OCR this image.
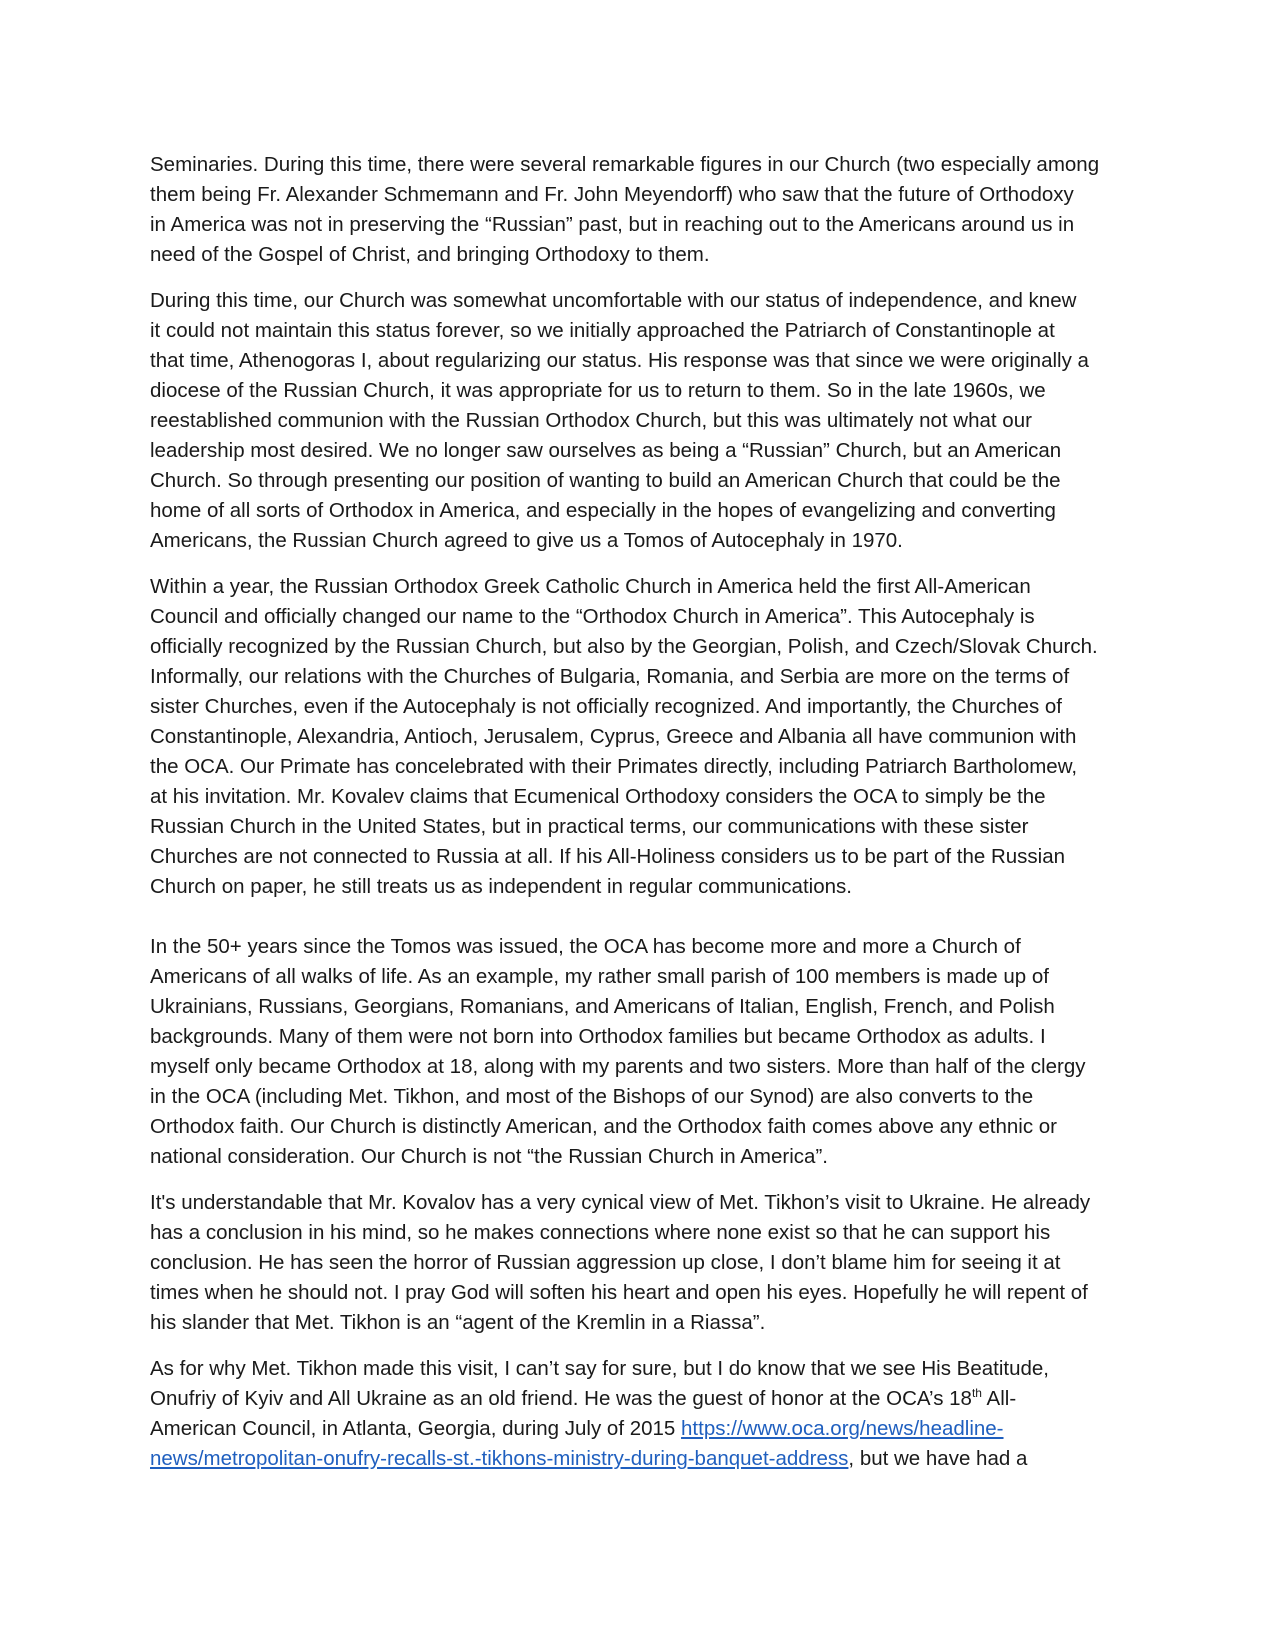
Seminaries. During this time, there were several remarkable figures in our Church (two especially among
them being Fr. Alexander Schmemann and Fr. John Meyendorff) who saw that the future of Orthodoxy
in America was not in preserving the “Russian” past, but in reaching out to the Americans around us in
need of the Gospel of Christ, and bringing Orthodoxy to them.

During this time, our Church was somewhat uncomfortable with our status of independence, and knew
it could not maintain this status forever, so we initially approached the Patriarch of Constantinople at
that time, Athenogoras I, about regularizing our status. His response was that since we were originally a
diocese of the Russian Church, it was appropriate for us to return to them. So in the late 1960s, we
reestablished communion with the Russian Orthodox Church, but this was ultimately not what our
leadership most desired. We no longer saw ourselves as being a “Russian” Church, but an American
Church. So through presenting our position of wanting to build an American Church that could be the
home of all sorts of Orthodox in America, and especially in the hopes of evangelizing and converting
Americans, the Russian Church agreed to give us a Tomos of Autocephaly in 1970.

Within a year, the Russian Orthodox Greek Catholic Church in America held the first All-American
Council and officially changed our name to the “Orthodox Church in America”. This Autocephaly is
officially recognized by the Russian Church, but also by the Georgian, Polish, and Czech/Slovak Church.
Informally, our relations with the Churches of Bulgaria, Romania, and Serbia are more on the terms of
sister Churches, even if the Autocephaly is not officially recognized. And importantly, the Churches of
Constantinople, Alexandria, Antioch, Jerusalem, Cyprus, Greece and Albania all have communion with
the OCA. Our Primate has concelebrated with their Primates directly, including Patriarch Bartholomew,
at his invitation. Mr. Kovalev claims that Ecumenical Orthodoxy considers the OCA to simply be the
Russian Church in the United States, but in practical terms, our communications with these sister
Churches are not connected to Russia at all. If his All-Holiness considers us to be part of the Russian
Church on paper, he still treats us as independent in regular communications.

In the 50+ years since the Tomos was issued, the OCA has become more and more a Church of
Americans of all walks of life. As an example, my rather small parish of 100 members is made up of
Ukrainians, Russians, Georgians, Romanians, and Americans of Italian, English, French, and Polish
backgrounds. Many of them were not born into Orthodox families but became Orthodox as adults. I
myself only became Orthodox at 18, along with my parents and two sisters. More than half of the clergy
in the OCA (including Met. Tikhon, and most of the Bishops of our Synod) are also converts to the
Orthodox faith. Our Church is distinctly American, and the Orthodox faith comes above any ethnic or
national consideration. Our Church is not “the Russian Church in America”.

It's understandable that Mr. Kovalov has a very cynical view of Met. Tikhon’s visit to Ukraine. He already
has a conclusion in his mind, so he makes connections where none exist so that he can support his
conclusion. He has seen the horror of Russian aggression up close, I don’t blame him for seeing it at
times when he should not. I pray God will soften his heart and open his eyes. Hopefully he will repent of
his slander that Met. Tikhon is an “agent of the Kremlin in a Riassa”.

As for why Met. Tikhon made this visit, I can’t say for sure, but I do know that we see His Beatitude,
Onufriy of Kyiv and All Ukraine as an old friend. He was the guest of honor at the OCA’s 18th All-
American Council, in Atlanta, Georgia, during July of 2015 https://www.oca.org/news/headline-
news/metropolitan-onufry-recalls-st.-tikhons-ministry-during-banquet-address, but we have had a
